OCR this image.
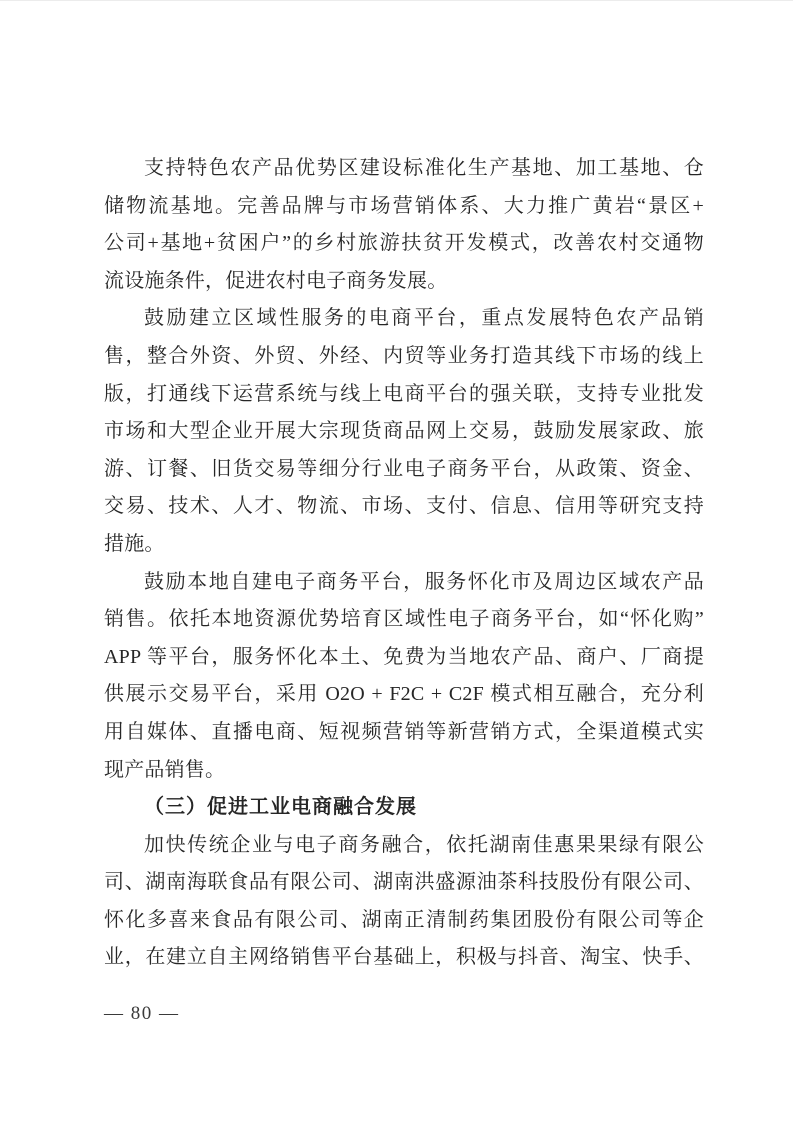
支持特色农产品优势区建设标准化生产基地、加工基地、仓
储物流基地。完善品牌与市场营销体系、大力推广黄岩“景区+
公司+基地+贫困户”的乡村旅游扶贫开发模式，改善农村交通物
流设施条件，促进农村电子商务发展。
鼓励建立区域性服务的电商平台，重点发展特色农产品销
售，整合外资、外贸、外经、内贸等业务打造其线下市场的线上
版，打通线下运营系统与线上电商平台的强关联，支持专业批发
市场和大型企业开展大宗现货商品网上交易，鼓励发展家政、旅
游、订餐、旧货交易等细分行业电子商务平台，从政策、资金、
交易、技术、人才、物流、市场、支付、信息、信用等研究支持
措施。
鼓励本地自建电子商务平台，服务怀化市及周边区域农产品
销售。依托本地资源优势培育区域性电子商务平台，如“怀化购”
APP 等平台，服务怀化本土、免费为当地农产品、商户、厂商提
供展示交易平台，采用 O2O + F2C + C2F 模式相互融合，充分利
用自媒体、直播电商、短视频营销等新营销方式，全渠道模式实
现产品销售。
（三）促进工业电商融合发展
加快传统企业与电子商务融合，依托湖南佳惠果果绿有限公
司、湖南海联食品有限公司、湖南洪盛源油茶科技股份有限公司、
怀化多喜来食品有限公司、湖南正清制药集团股份有限公司等企
业，在建立自主网络销售平台基础上，积极与抖音、淘宝、快手、
— 80 —
